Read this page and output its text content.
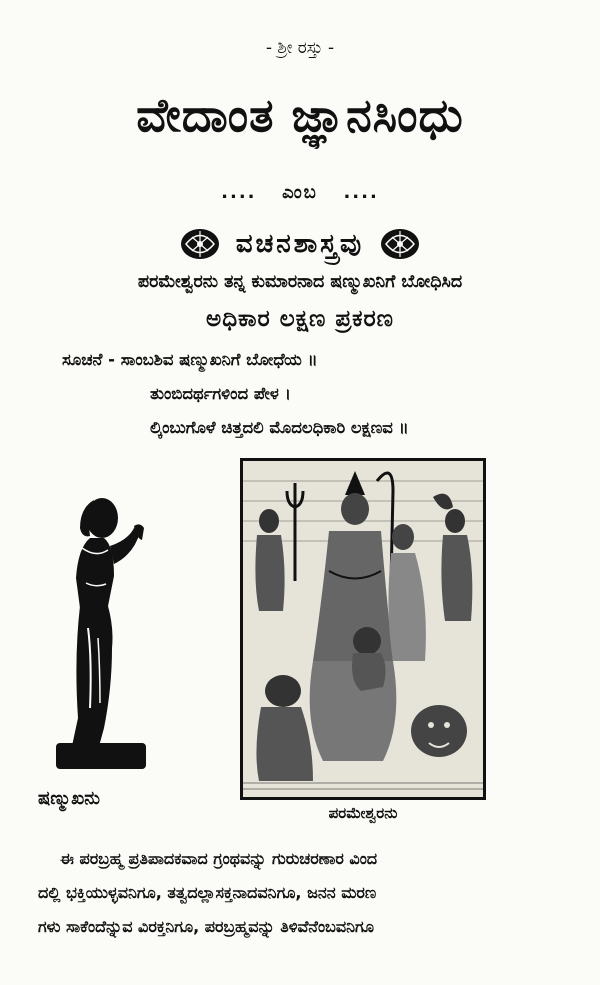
- ಶ್ರೀ ರಸ್ತು -
ವೇದಾಂತ ಜ್ಞಾನಸಿಂಧು
.... ಎಂಬ ....
ವಚನಶಾಸ್ತ್ರವು
ಪರಮೇಶ್ವರನು ತನ್ನ ಕುಮಾರನಾದ ಷಣ್ಮುಖನಿಗೆ ಬೋಧಿಸಿದ
ಅಧಿಕಾರ ಲಕ್ಷಣ ಪ್ರಕರಣ
ಸೂಚನೆ - ಸಾಂಬಶಿವ ಷಣ್ಮುಖನಿಗೆ ಬೋಧೆಯ ॥
ತುಂಬಿದರ್ಥಗಳಿಂದ ಪೇಳ ।
ಲ್ಕಿಂಬುಗೊಳೆ ಚಿತ್ತದಲಿ ಮೊದಲಧಿಕಾರಿ ಲಕ್ಷಣವ ॥
ಷಣ್ಮುಖನು
ಪರಮೇಶ್ವರನು

ಈ ಪರಬ್ರಹ್ಮ ಪ್ರತಿಪಾದಕವಾದ ಗ್ರಂಥವನ್ನು ಗುರುಚರಣಾರ ವಿಂದ

ದಲ್ಲಿ ಭಕ್ತಿಯುಳ್ಳವನಿಗೂ, ತತ್ವದಲ್ಲಾಸಕ್ತನಾದವನಿಗೂ, ಜನನ ಮರಣ

ಗಳು ಸಾಕೆಂದೆನ್ನುವ ವಿರಕ್ತನಿಗೂ, ಪರಬ್ರಹ್ಮವನ್ನು ತಿಳಿವೆನೆಂಬವನಿಗೂ
